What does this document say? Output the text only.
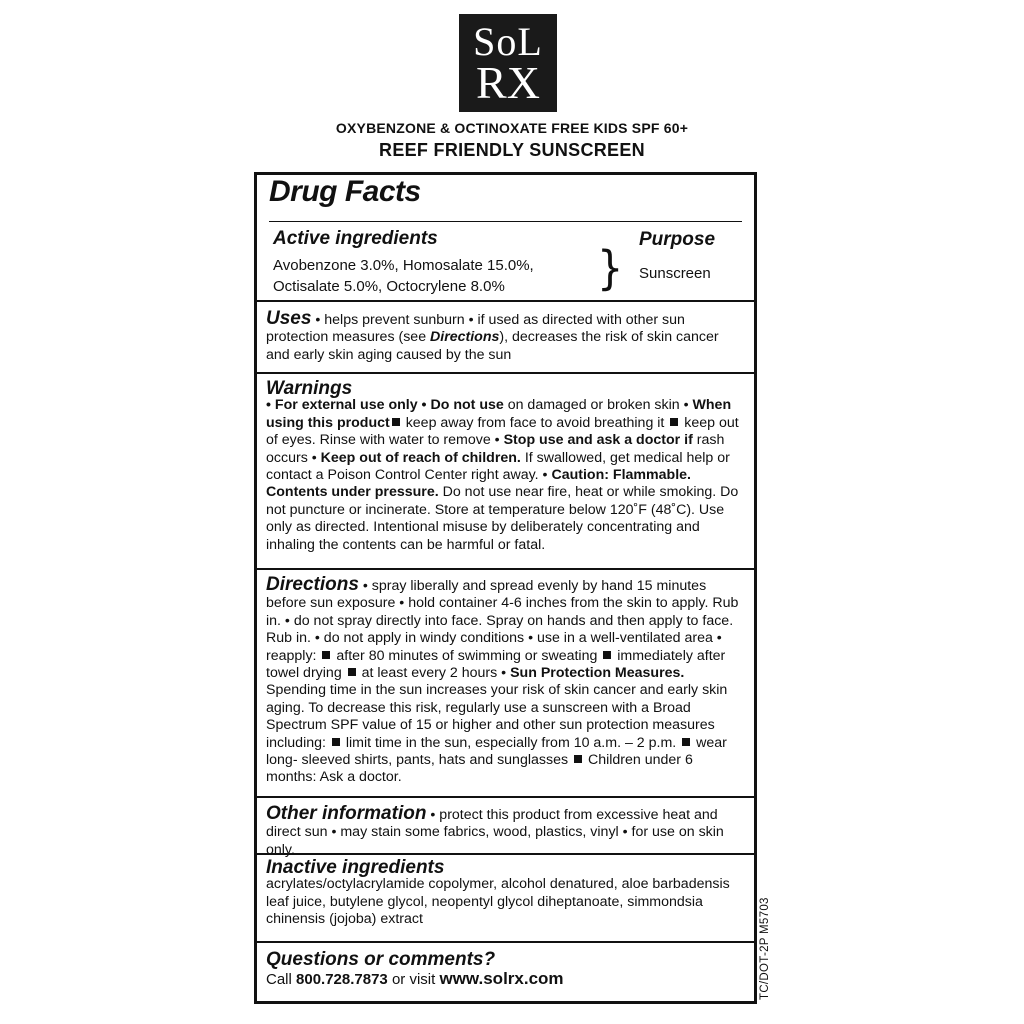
SoL
RX
OXYBENZONE & OCTINOXATE FREE KIDS SPF 60+
REEF FRIENDLY SUNSCREEN
Drug Facts
Active ingredients
Avobenzone 3.0%, Homosalate 15.0%,
Octisalate 5.0%, Octocrylene 8.0%	}
Purpose
Sunscreen
Uses • helps prevent sunburn • if used as directed with other sun protection measures (see Directions), decreases the risk of skin cancer and early skin aging caused by the sun
Warnings
• For external use only • Do not use on damaged or broken skin • When using this product keep away from face to avoid breathing it  keep out of eyes. Rinse with water to remove • Stop use and ask a doctor if rash occurs • Keep out of reach of children. If swallowed, get medical help or contact a Poison Control Center right away. • Caution: Flammable. Contents under pressure. Do not use near fire, heat or while smoking. Do not puncture or incinerate. Store at temperature below 120˚F (48˚C). Use only as directed. Intentional misuse by deliberately concentrating and inhaling the contents can be harmful or fatal.
Directions • spray liberally and spread evenly by hand 15 minutes before sun exposure • hold container 4-6 inches from the skin to apply. Rub in. • do not spray directly into face. Spray on hands and then apply to face. Rub in. • do not apply in windy conditions • use in a well-ventilated area • reapply:  after 80 minutes of swimming or sweating  immediately after towel drying  at least every 2 hours • Sun Protection Measures. Spending time in the sun increases your risk of skin cancer and early skin aging. To decrease this risk, regularly use a sunscreen with a Broad Spectrum SPF value of 15 or higher and other sun protection measures including:  limit time in the sun, especially from 10 a.m. – 2 p.m.  wear long- sleeved shirts, pants, hats and sunglasses  Children under 6 months: Ask a doctor.
Other information • protect this product from excessive heat and direct sun • may stain some fabrics, wood, plastics, vinyl • for use on skin only.
Inactive ingredients
acrylates/octylacrylamide copolymer, alcohol denatured, aloe barbadensis leaf juice, butylene glycol, neopentyl glycol diheptanoate, simmondsia chinensis (jojoba) extract
Questions or comments?
Call 800.728.7873 or visit www.solrx.com	TC/DOT-2P M5703
